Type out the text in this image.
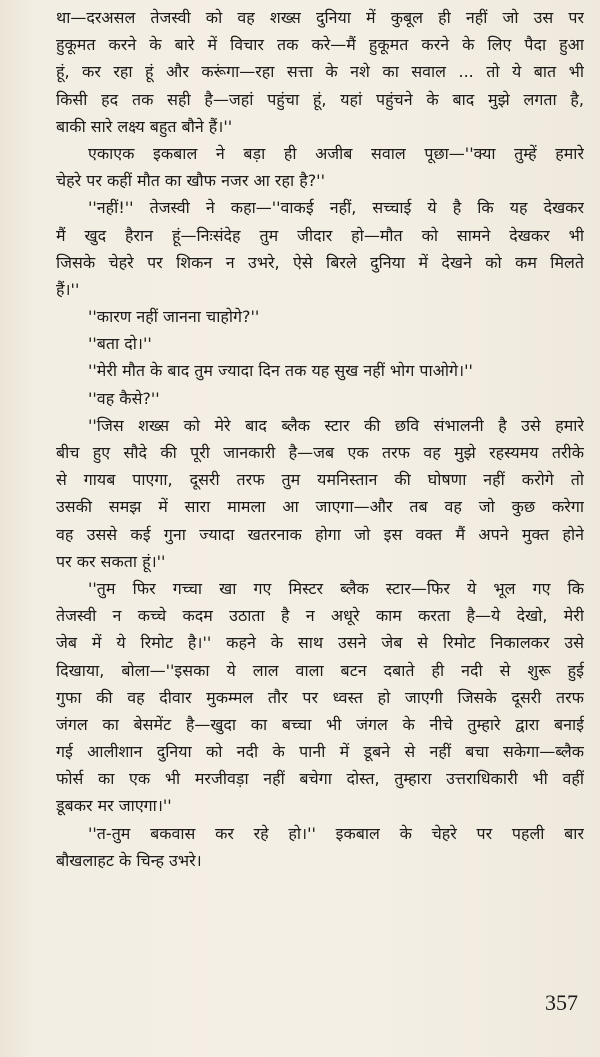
था—दरअसल तेजस्वी को वह शख्स दुनिया में कुबूल ही नहीं जो उस पर
हुकूमत करने के बारे में विचार तक करे—मैं हुकूमत करने के लिए पैदा हुआ
हूं, कर रहा हूं और करूंगा—रहा सत्ता के नशे का सवाल ... तो ये बात भी
किसी हद तक सही है—जहां पहुंचा हूं, यहां पहुंचने के बाद मुझे लगता है,
बाकी सारे लक्ष्य बहुत बौने हैं।''
एकाएक इकबाल ने बड़ा ही अजीब सवाल पूछा—''क्या तुम्हें हमारे
चेहरे पर कहीं मौत का खौफ नजर आ रहा है?''
''नहीं!'' तेजस्वी ने कहा—''वाकई नहीं, सच्चाई ये है कि यह देखकर
मैं खुद हैरान हूं—निःसंदेह तुम जीदार हो—मौत को सामने देखकर भी
जिसके चेहरे पर शिकन न उभरे, ऐसे बिरले दुनिया में देखने को कम मिलते
हैं।''
''कारण नहीं जानना चाहोगे?''
''बता दो।''
''मेरी मौत के बाद तुम ज्यादा दिन तक यह सुख नहीं भोग पाओगे।''
''वह कैसे?''
''जिस शख्स को मेरे बाद ब्लैक स्टार की छवि संभालनी है उसे हमारे
बीच हुए सौदे की पूरी जानकारी है—जब एक तरफ वह मुझे रहस्यमय तरीके
से गायब पाएगा, दूसरी तरफ तुम यमनिस्तान की घोषणा नहीं करोगे तो
उसकी समझ में सारा मामला आ जाएगा—और तब वह जो कुछ करेगा
वह उससे कई गुना ज्यादा खतरनाक होगा जो इस वक्त मैं अपने मुक्त होने
पर कर सकता हूं।''
''तुम फिर गच्चा खा गए मिस्टर ब्लैक स्टार—फिर ये भूल गए कि
तेजस्वी न कच्चे कदम उठाता है न अधूरे काम करता है—ये देखो, मेरी
जेब में ये रिमोट है।'' कहने के साथ उसने जेब से रिमोट निकालकर उसे
दिखाया, बोला—''इसका ये लाल वाला बटन दबाते ही नदी से शुरू हुई
गुफा की वह दीवार मुकम्मल तौर पर ध्वस्त हो जाएगी जिसके दूसरी तरफ
जंगल का बेसमेंट है—खुदा का बच्चा भी जंगल के नीचे तुम्हारे द्वारा बनाई
गई आलीशान दुनिया को नदी के पानी में डूबने से नहीं बचा सकेगा—ब्लैक
फोर्स का एक भी मरजीवड़ा नहीं बचेगा दोस्त, तुम्हारा उत्तराधिकारी भी वहीं
डूबकर मर जाएगा।''
''त-तुम बकवास कर रहे हो।'' इकबाल के चेहरे पर पहली बार
बौखलाहट के चिन्ह उभरे।
357
